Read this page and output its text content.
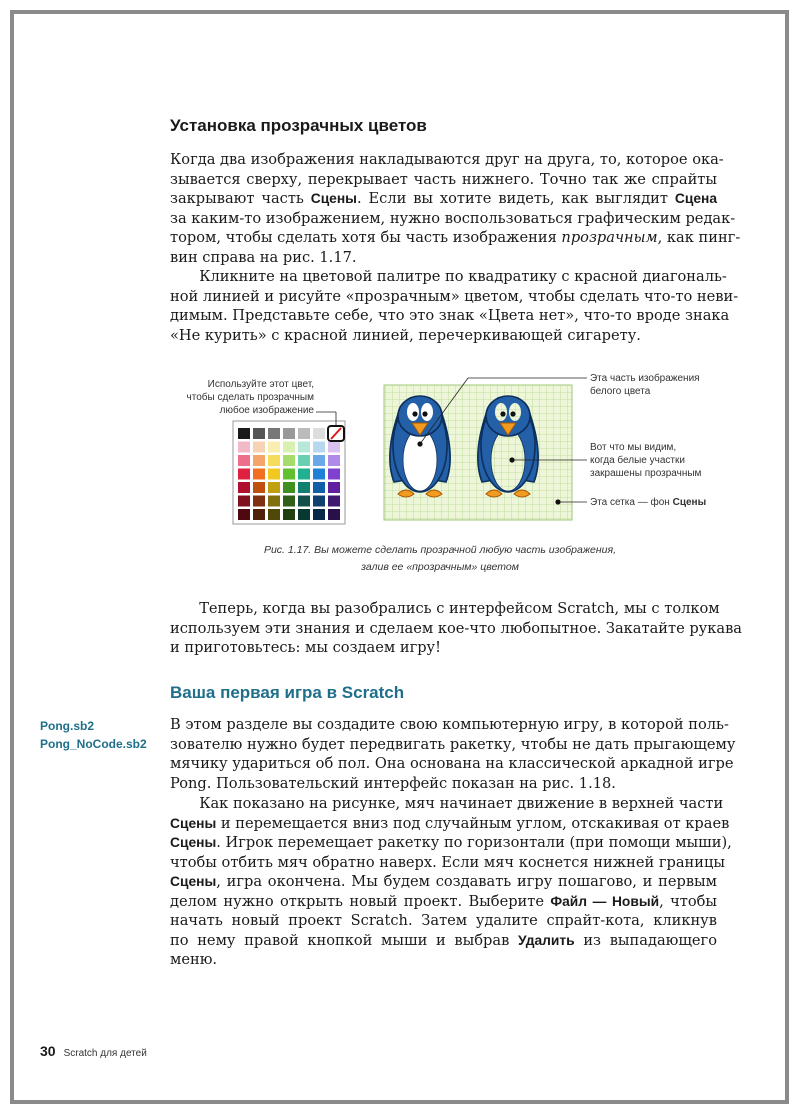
Установка прозрачных цветов
Когда два изображения накладываются друг на друга, то, которое ока-
зывается сверху, перекрывает часть нижнего. Точно так же спрайты
закрывают часть Сцены. Если вы хотите видеть, как выглядит Сцена
за каким-то изображением, нужно воспользоваться графическим редак-
тором, чтобы сделать хотя бы часть изображения прозрачным, как пинг-
вин справа на рис. 1.17.
  Кликните на цветовой палитре по квадратику с красной диагональ-
ной линией и рисуйте «прозрачным» цветом, чтобы сделать что-то неви-
димым. Представьте себе, что это знак «Цвета нет», что-то вроде знака
«Не курить» с красной линией, перечеркивающей сигарету.
Используйте этот цвет,
чтобы сделать прозрачным
любое изображение
Эта часть изображения
белого цвета
Вот что мы видим,
когда белые участки
закрашены прозрачным
Эта сетка — фон Сцены
Рис. 1.17. Вы можете сделать прозрачной любую часть изображения,
залив ее «прозрачным» цветом
  Теперь, когда вы разобрались с интерфейсом Scratch, мы с толком
используем эти знания и сделаем кое-что любопытное. Закатайте рукава
и приготовьтесь: мы создаем игру!
Ваша первая игра в Scratch
Pong.sb2
Pong_NoCode.sb2
В этом разделе вы создадите свою компьютерную игру, в которой поль-
зователю нужно будет передвигать ракетку, чтобы не дать прыгающему
мячику удариться об пол. Она основана на классической аркадной игре
Pong. Пользовательский интерфейс показан на рис. 1.18.
  Как показано на рисунке, мяч начинает движение в верхней части
Сцены и перемещается вниз под случайным углом, отскакивая от краев
Сцены. Игрок перемещает ракетку по горизонтали (при помощи мыши),
чтобы отбить мяч обратно наверх. Если мяч коснется нижней границы
Сцены, игра окончена. Мы будем создавать игру пошагово, и первым
делом нужно открыть новый проект. Выберите Файл — Новый, чтобы
начать новый проект Scratch. Затем удалите спрайт-кота, кликнув
по нему правой кнопкой мыши и выбрав Удалить из выпадающего
меню.
30 Scratch для детей
